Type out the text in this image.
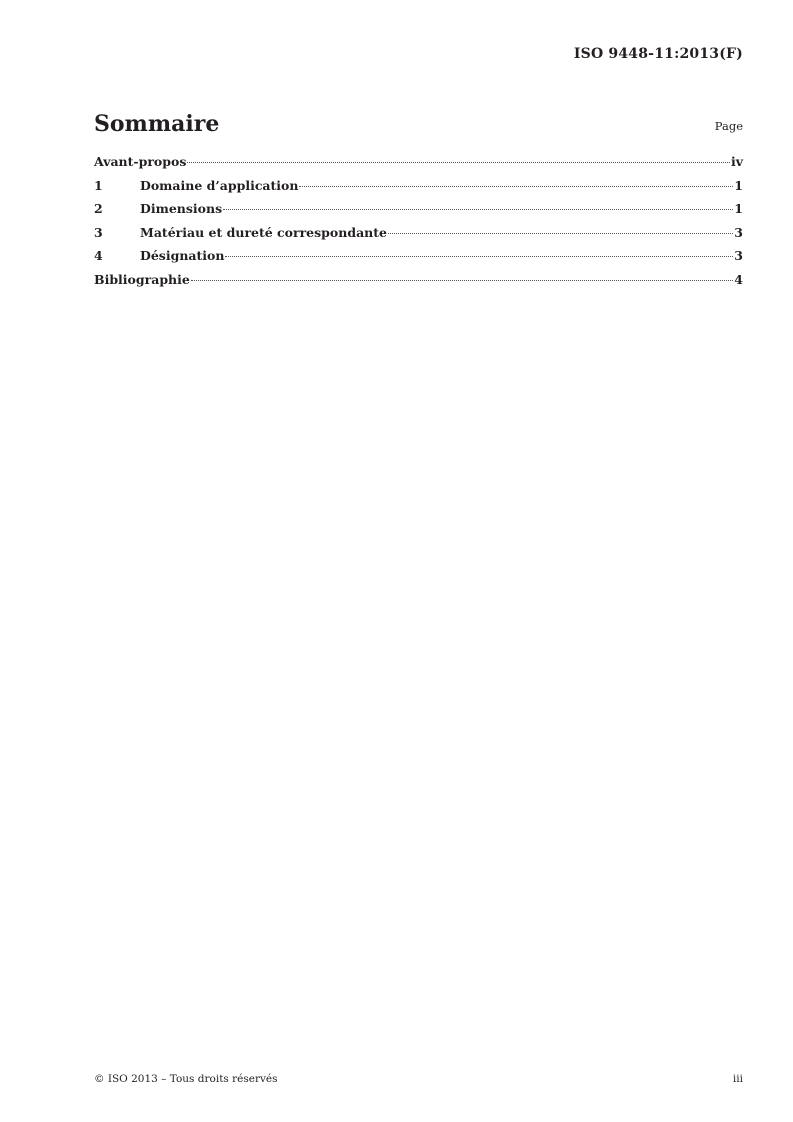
ISO 9448-11:2013(F)
Sommaire	Page
Avant-propos	iv
1	Domaine d’application	1
2	Dimensions	1
3	Matériau et dureté correspondante	3
4	Désignation	3
Bibliographie	4
© ISO 2013 – Tous droits réservés	iii
